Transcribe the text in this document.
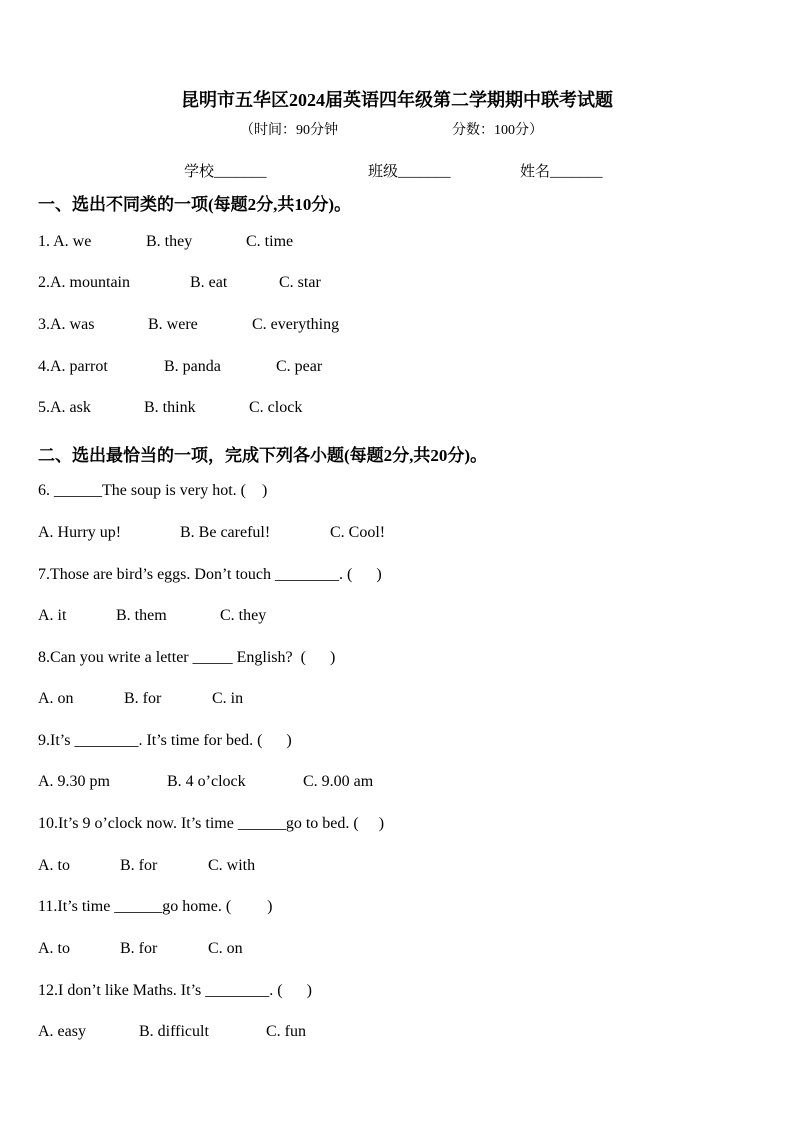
昆明市五华区2024届英语四年级第二学期期中联考试题
（时间：90分钟	分数：100分）
学校_______	班级_______	姓名_______
一、选出不同类的一项(每题2分,共10分)。
1. A. we	B. they	C. time
2.A. mountain	B. eat	C. star
3.A. was	B. were	C. everything
4.A. parrot	B. panda	C. pear
5.A. ask	B. think	C. clock
二、选出最恰当的一项，完成下列各小题(每题2分,共20分)。
6. ______The soup is very hot. (    )
A. Hurry up!	B. Be careful!	C. Cool!
7.Those are bird’s eggs. Don’t touch ________. (      )
A. it	B. them	C. they
8.Can you write a letter _____ English?  (      )
A. on	B. for	C. in
9.It’s ________. It’s time for bed. (      )
A. 9.30 pm	B. 4 o’clock	C. 9.00 am
10.It’s 9 o’clock now. It’s time ______go to bed. (     )
A. to	B. for	C. with
11.It’s time ______go home. (         )
A. to	B. for	C. on
12.I don’t like Maths. It’s ________. (      )
A. easy	B. difficult	C. fun
